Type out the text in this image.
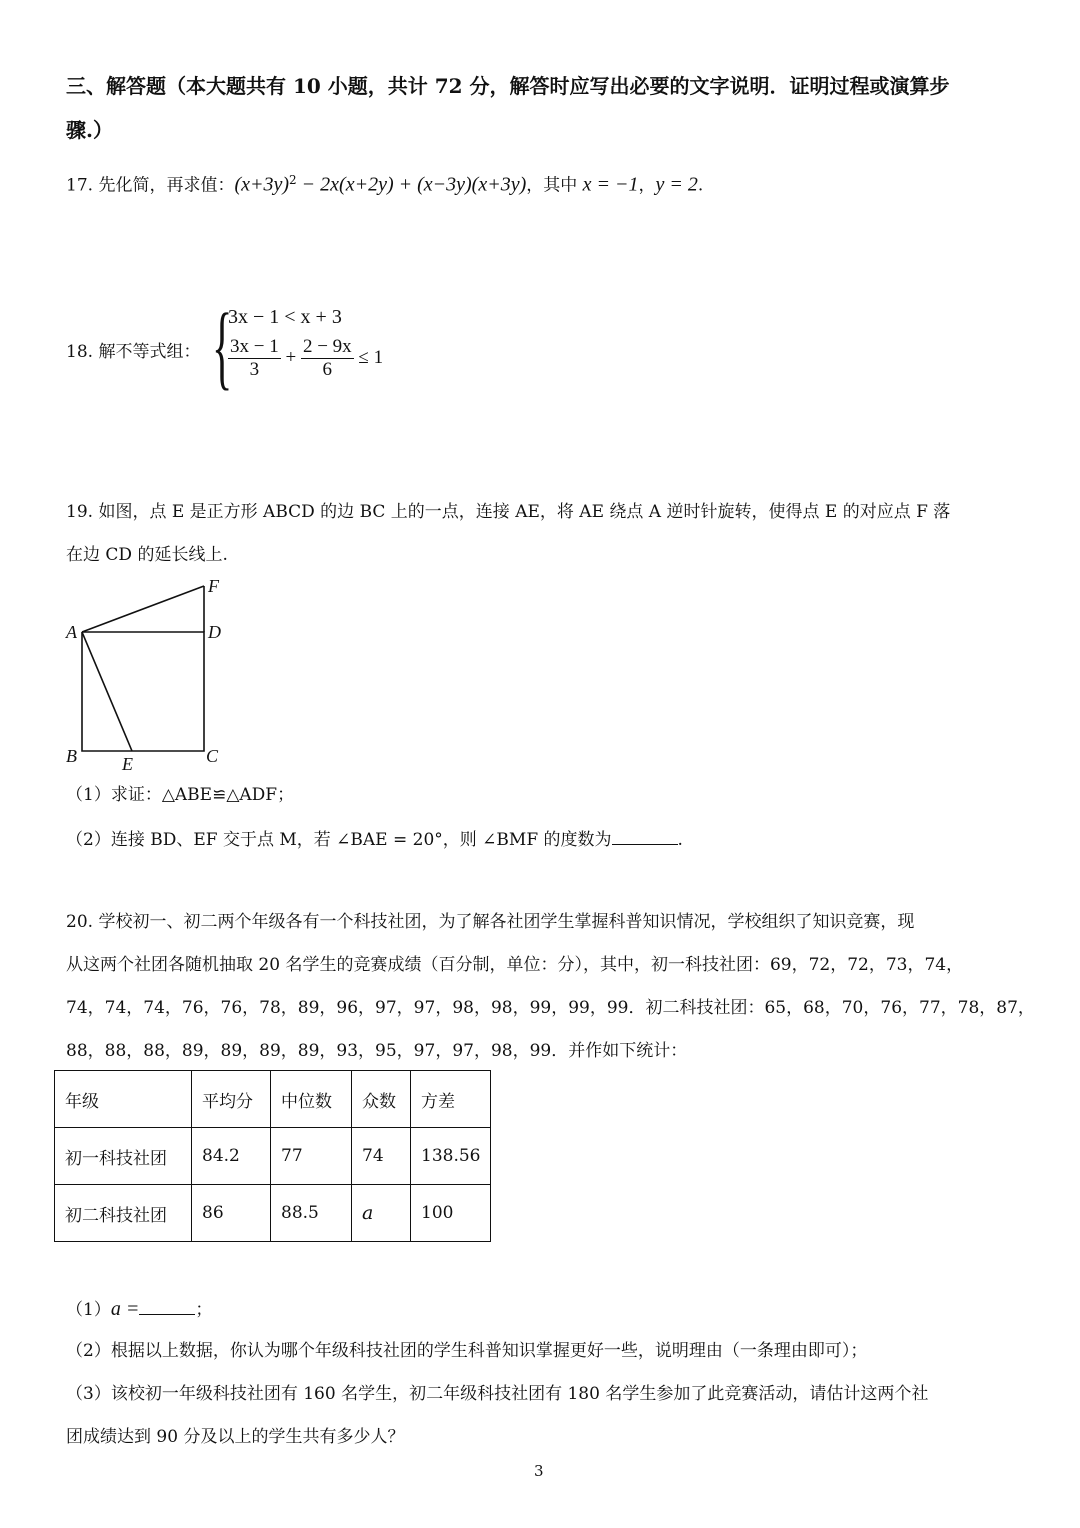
三、解答题（本大题共有 10 小题，共计 72 分，解答时应写出必要的文字说明．证明过程或演算步
骤.）
17. 先化简，再求值：$(x+3y)^2 - 2x(x+2y) + (x-3y)(x+3y)$，其中 x = −1，y = 2.
18. 解不等式组： {
3x − 1 < x + 3
$\frac{3x - 1}{3} + \frac{2 - 9x}{6} \le 1$
19. 如图，点 E 是正方形 ABCD 的边 BC 上的一点，连接 AE，将 AE 绕点 A 逆时针旋转，使得点 E 的对应点 F 落
在边 CD 的延长线上.
A	D
F
B	C
E
（1）求证：△ABE≌△ADF；
（2）连接 BD、EF 交于点 M，若 ∠BAE = 20°，则 ∠BMF 的度数为	.
20. 学校初一、初二两个年级各有一个科技社团，为了解各社团学生掌握科普知识情况，学校组织了知识竞赛，现
从这两个社团各随机抽取 20 名学生的竞赛成绩（百分制，单位：分），其中，初一科技社团：69，72，72，73，74，
74，74，74，76，76，78，89，96，97，97，98，98，99，99，99．初二科技社团：65，68，70，76，77，78，87，
88，88，88，89，89，89，89，93，95，97，97，98，99．并作如下统计：
年级	平均分	中位数	众数	方差
初一科技社团	84.2	77	74	138.56
初二科技社团	86	88.5	a	100
（1）a =	；
（2）根据以上数据，你认为哪个年级科技社团的学生科普知识掌握更好一些，说明理由（一条理由即可）；
（3）该校初一年级科技社团有 160 名学生，初二年级科技社团有 180 名学生参加了此竞赛活动，请估计这两个社
团成绩达到 90 分及以上的学生共有多少人？
3
